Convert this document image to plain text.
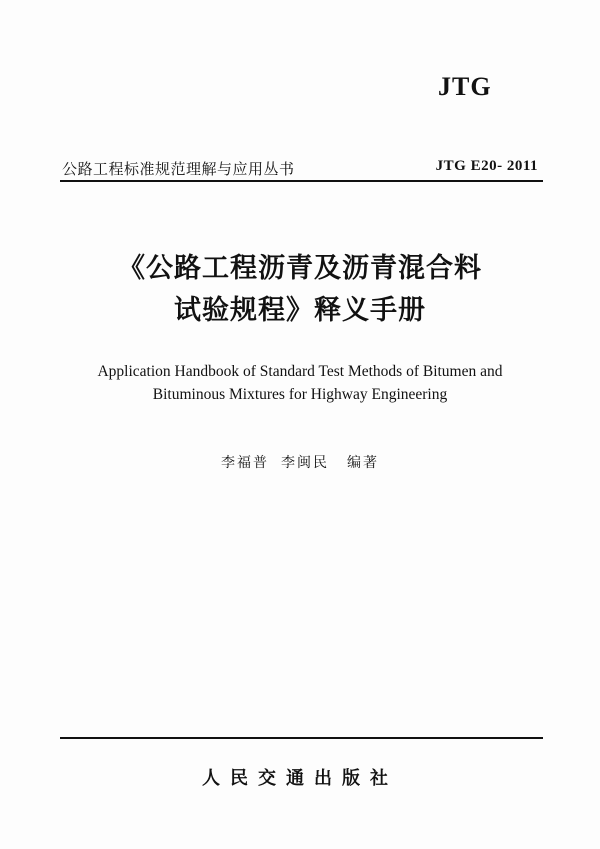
JTG
公路工程标准规范理解与应用丛书	JTG E20- 2011
《公路工程沥青及沥青混合料
试验规程》释义手册
Application Handbook of Standard Test Methods of Bitumen and
Bituminous Mixtures for Highway Engineering
李福普 李闽民 编著
人民交通出版社
